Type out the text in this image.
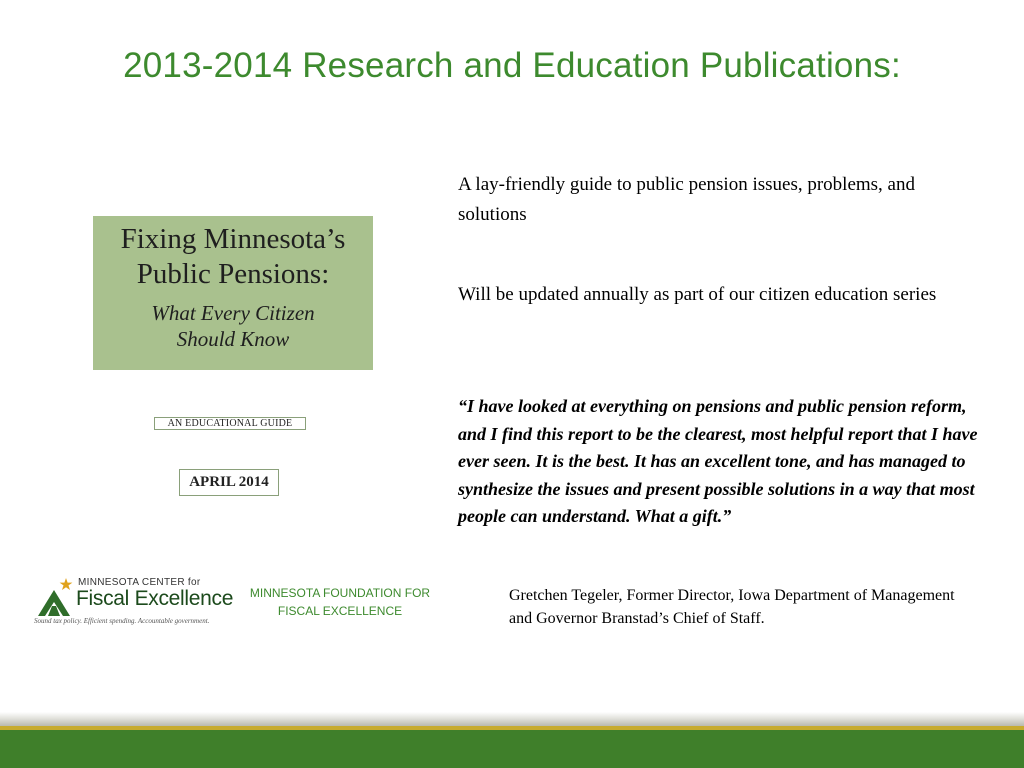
2013-2014 Research and Education Publications:
Fixing Minnesota’s
Public Pensions:
What Every Citizen
Should Know
AN EDUCATIONAL GUIDE
APRIL 2014
MINNESOTA CENTER for
Fiscal Excellence
Sound tax policy. Efficient spending. Accountable government.
MINNESOTA FOUNDATION FOR
FISCAL EXCELLENCE
A lay-friendly guide to public pension issues, problems, and solutions
Will be updated annually as part of our citizen education series
“I have looked at everything on pensions and public pension reform, and I find this report to be the clearest, most helpful report that I have ever seen. It is the best. It has an excellent tone, and has managed to synthesize the issues and present possible solutions in a way that most people can understand. What a gift.”
Gretchen Tegeler, Former Director, Iowa Department of Management and Governor Branstad’s Chief of Staff.
